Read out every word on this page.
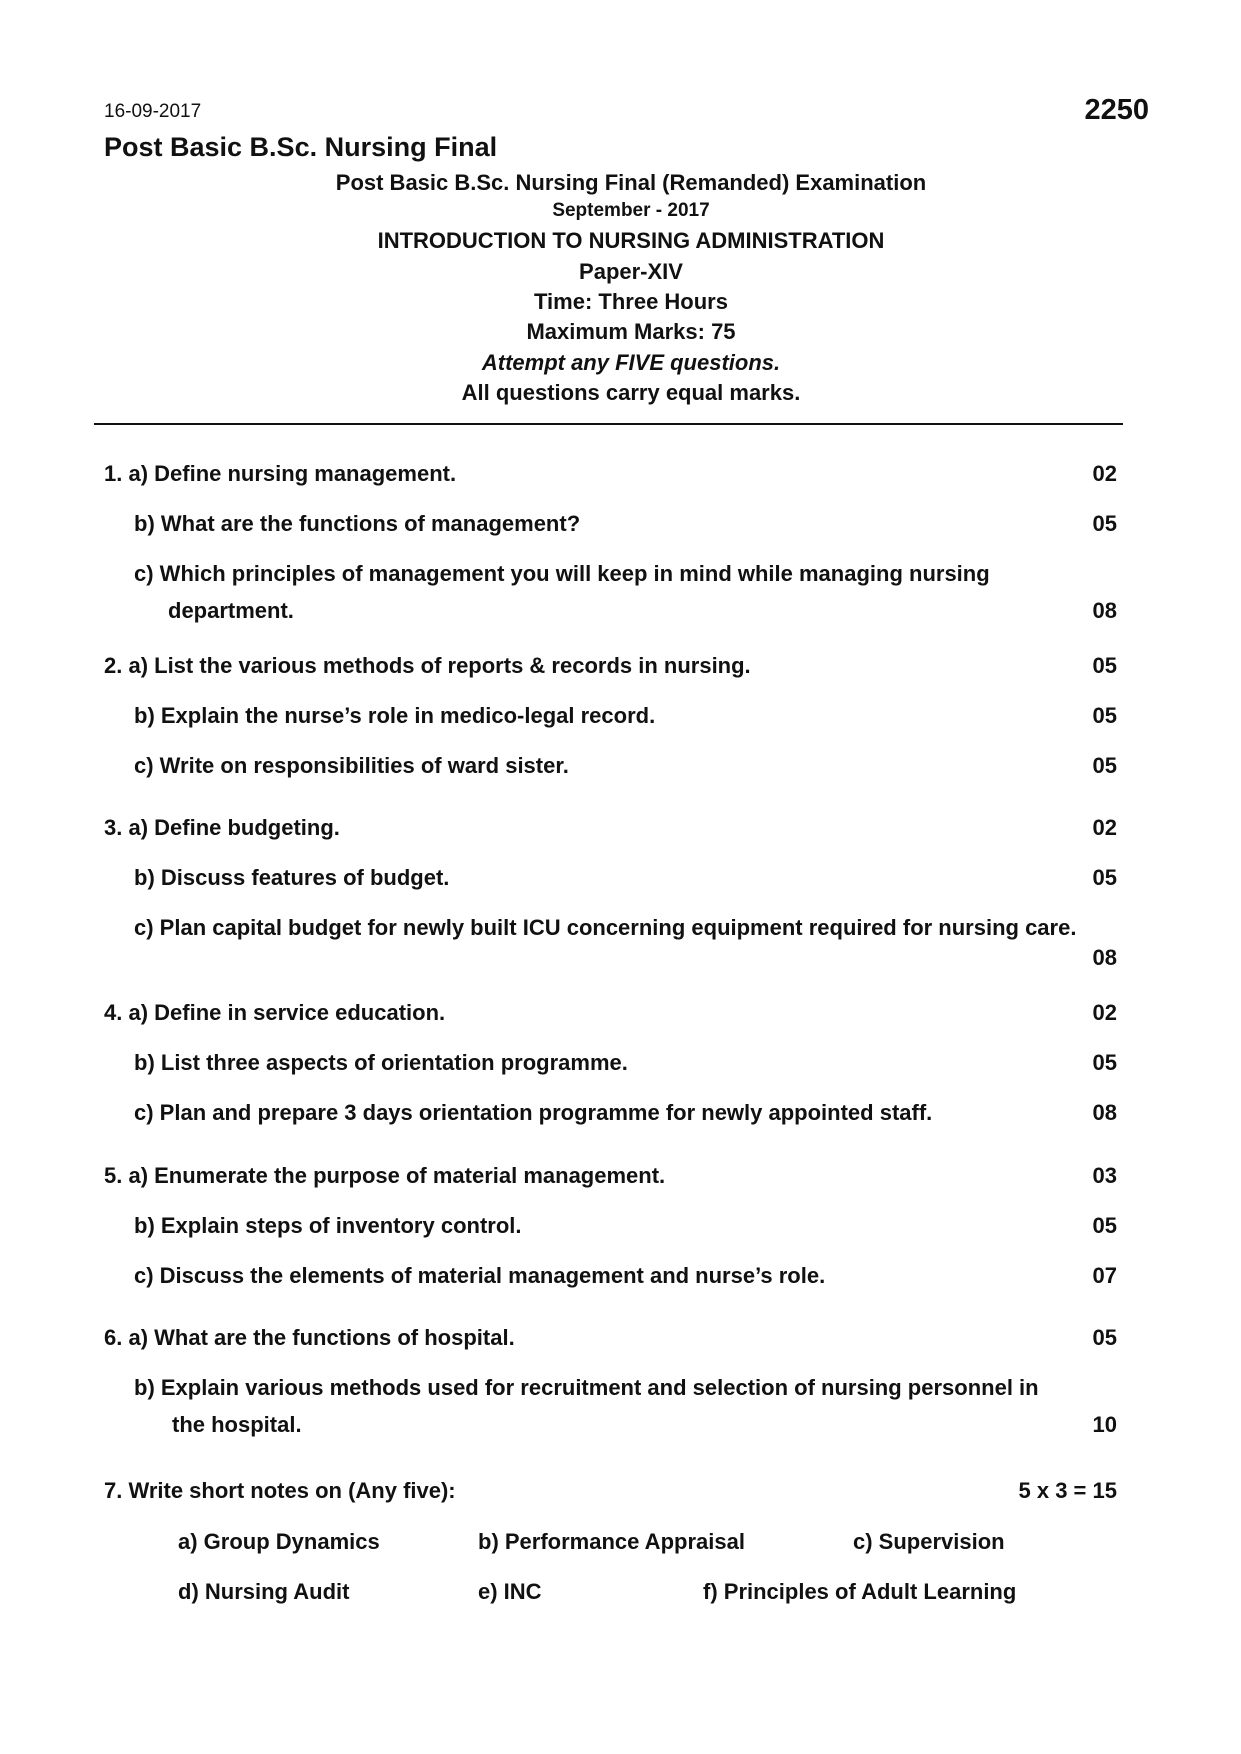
16-09-2017	2250
Post Basic B.Sc. Nursing Final
Post Basic B.Sc. Nursing Final (Remanded) Examination
September - 2017
INTRODUCTION TO NURSING ADMINISTRATION
Paper-XIV
Time: Three Hours
Maximum Marks: 75
Attempt any FIVE questions.
All questions carry equal marks.
1. a) Define nursing management.	02
b) What are the functions of management?	05
c) Which principles of management you will keep in mind while managing nursing
department.	08
2. a) List the various methods of reports & records in nursing.	05
b) Explain the nurse’s role in medico-legal record.	05
c) Write on responsibilities of ward sister.	05
3. a) Define budgeting.	02
b) Discuss features of budget.	05
c) Plan capital budget for newly built ICU concerning equipment required for nursing care.
08
4. a) Define in service education.	02
b) List three aspects of orientation programme.	05
c) Plan and prepare 3 days orientation programme for newly appointed staff.	08
5. a) Enumerate the purpose of material management.	03
b) Explain steps of inventory control.	05
c) Discuss the elements of material management and nurse’s role.	07
6. a) What are the functions of hospital.	05
b) Explain various methods used for recruitment and selection of nursing personnel in
the hospital.	10
7. Write short notes on (Any five):	5 x 3 = 15
a) Group Dynamics	b) Performance Appraisal	c) Supervision
d) Nursing Audit	e) INC	f) Principles of Adult Learning
